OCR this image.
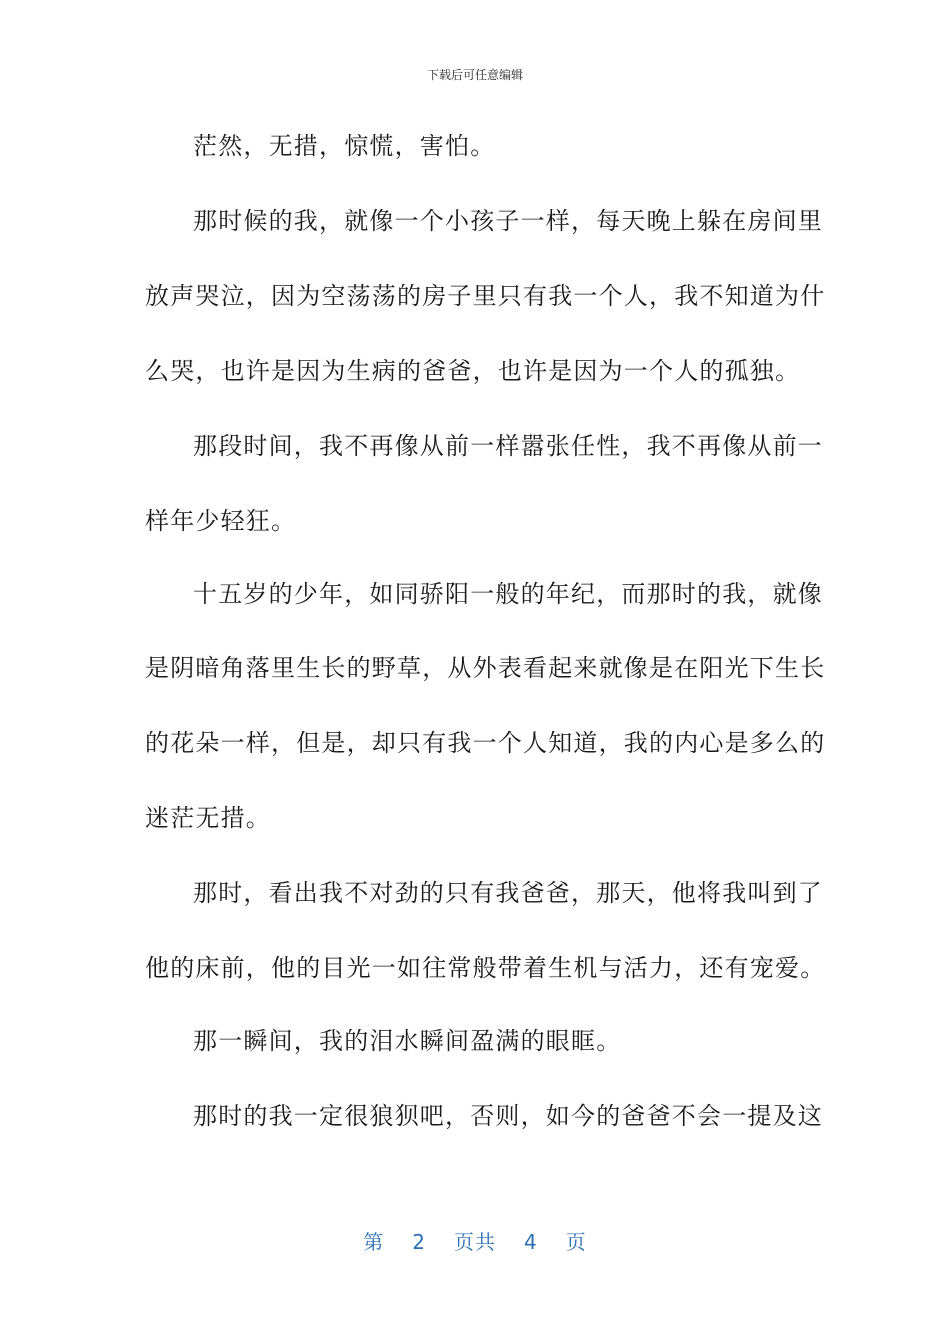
下载后可任意编辑
茫然，无措，惊慌，害怕。
那时候的我，就像一个小孩子一样，每天晚上躲在房间里
放声哭泣，因为空荡荡的房子里只有我一个人，我不知道为什
么哭，也许是因为生病的爸爸，也许是因为一个人的孤独。
那段时间，我不再像从前一样嚣张任性，我不再像从前一
样年少轻狂。
十五岁的少年，如同骄阳一般的年纪，而那时的我，就像
是阴暗角落里生长的野草，从外表看起来就像是在阳光下生长
的花朵一样，但是，却只有我一个人知道，我的内心是多么的
迷茫无措。
那时，看出我不对劲的只有我爸爸，那天，他将我叫到了
他的床前，他的目光一如往常般带着生机与活力，还有宠爱。
那一瞬间，我的泪水瞬间盈满的眼眶。
那时的我一定很狼狈吧，否则，如今的爸爸不会一提及这
第 2 页共 4 页
